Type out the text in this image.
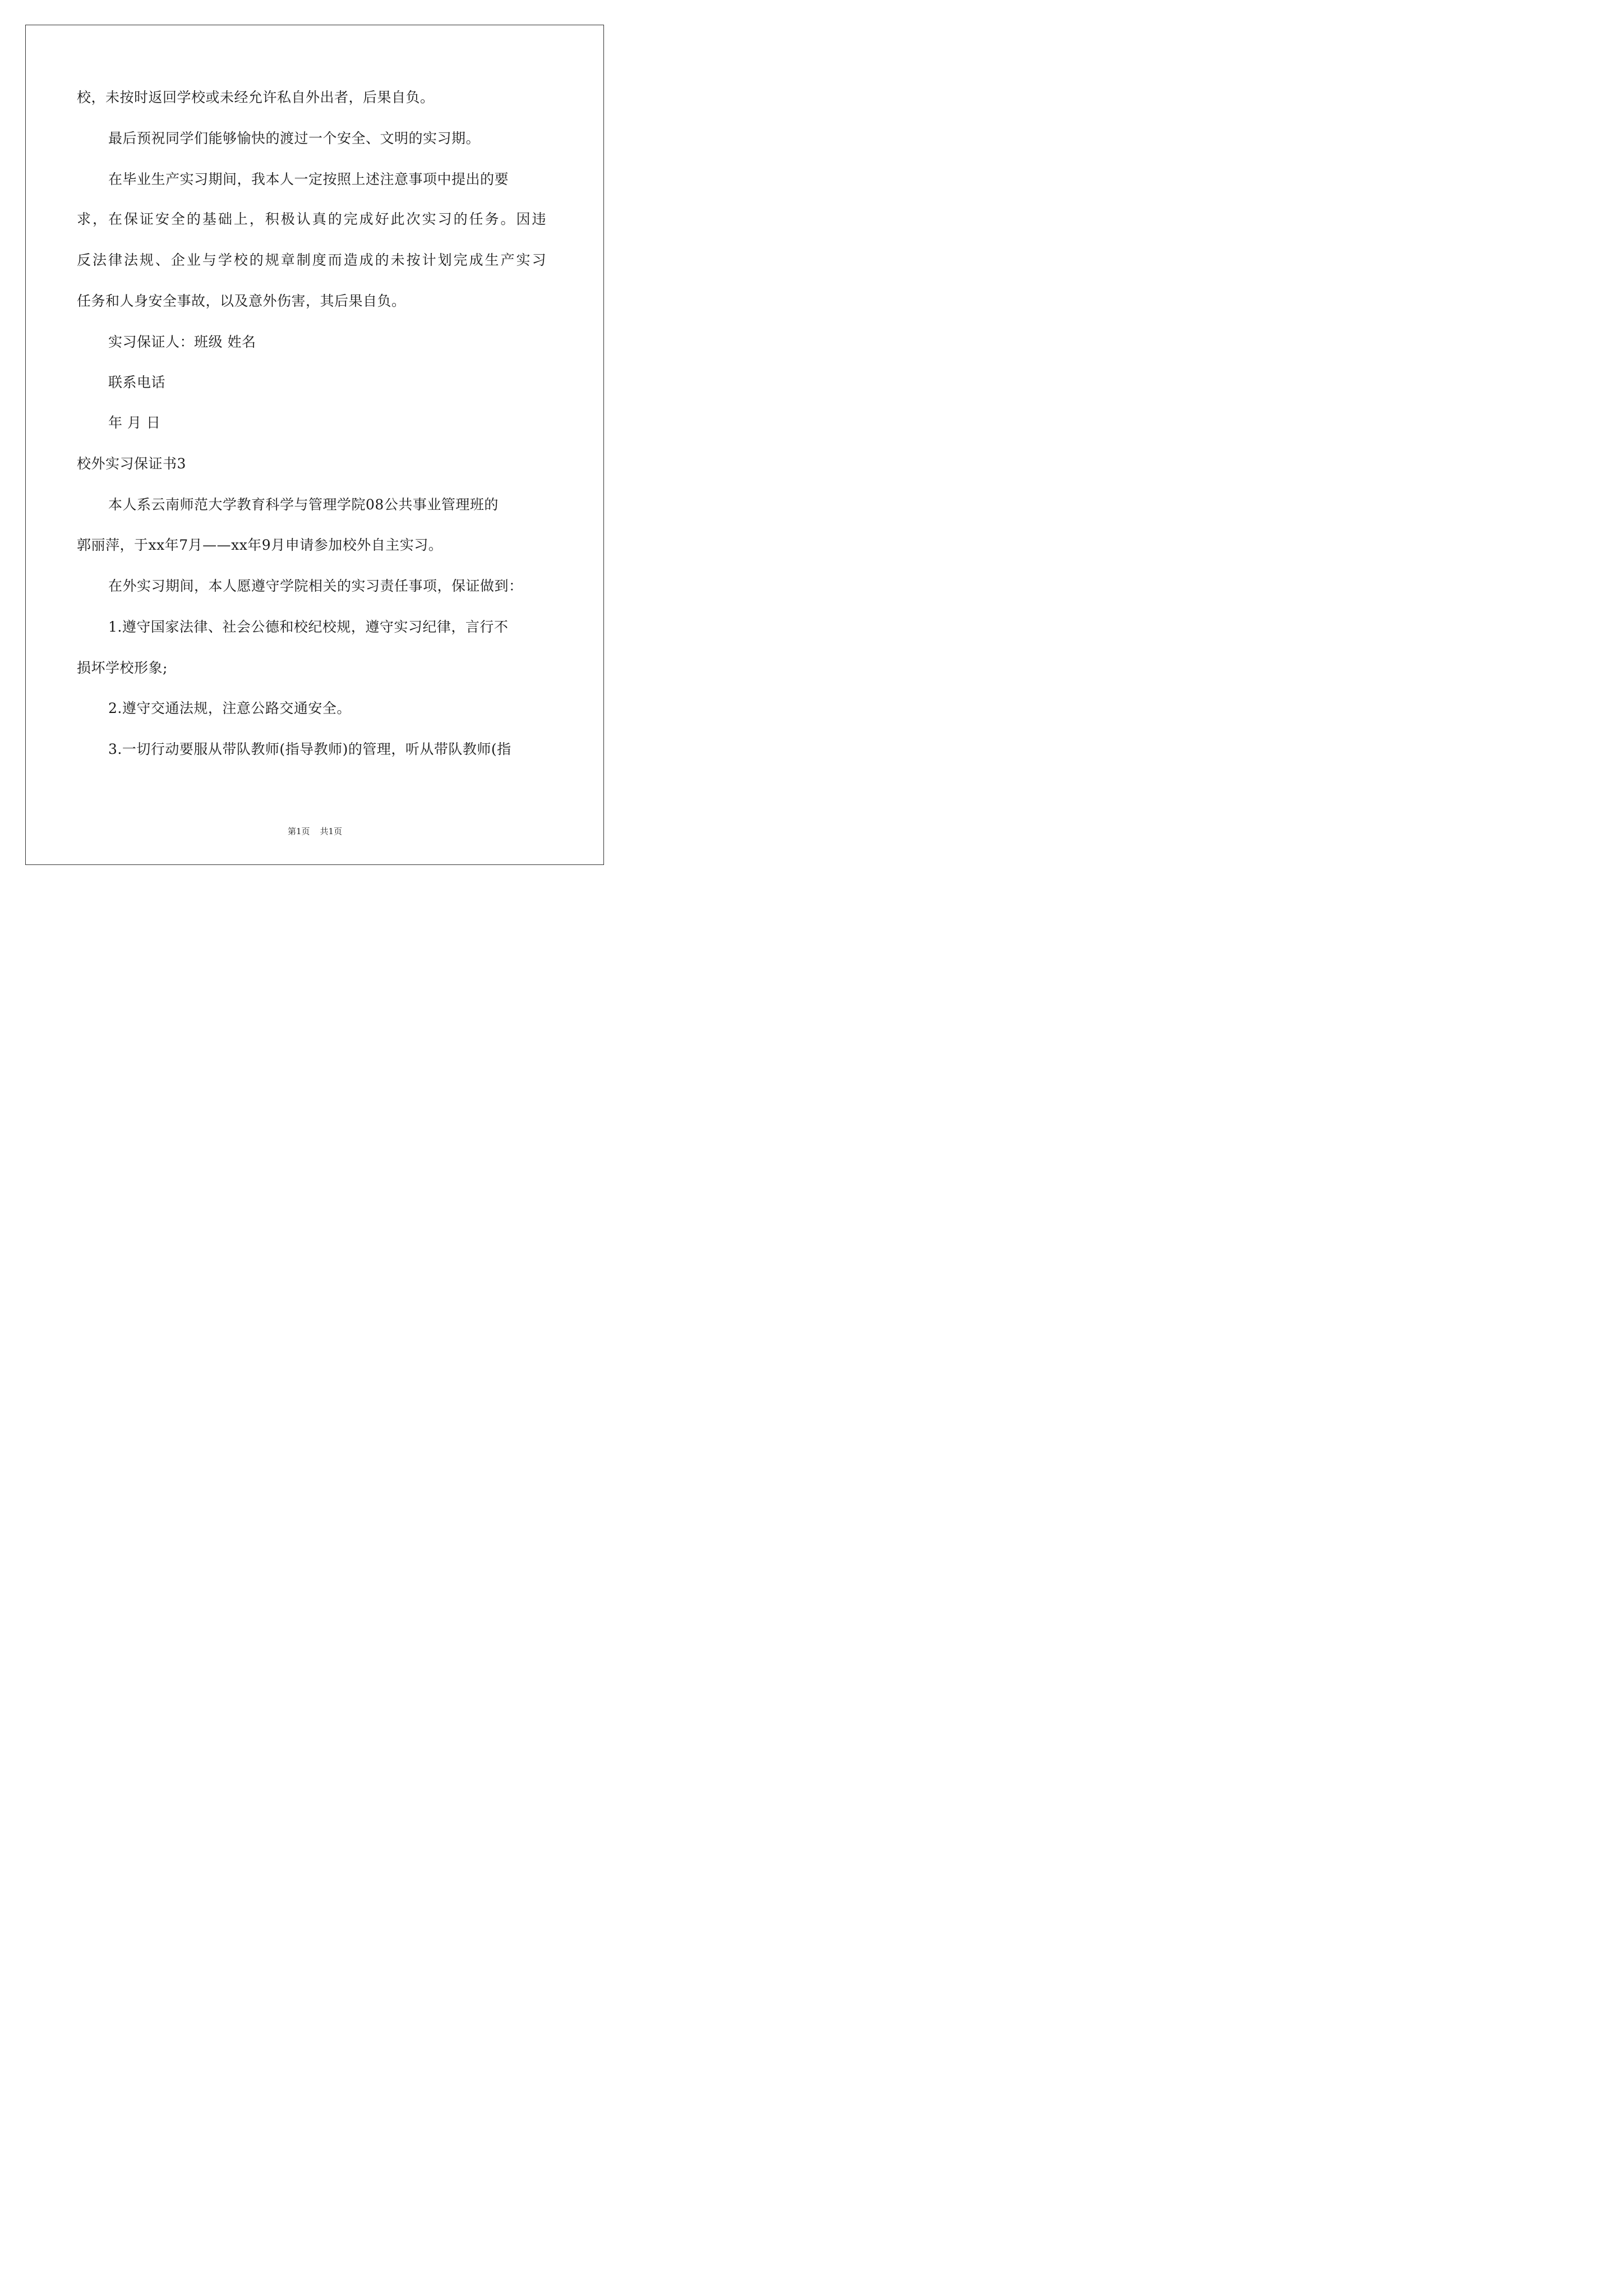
校，未按时返回学校或未经允许私自外出者，后果自负。
最后预祝同学们能够愉快的渡过一个安全、文明的实习期。
在毕业生产实习期间，我本人一定按照上述注意事项中提出的要
求，在保证安全的基础上，积极认真的完成好此次实习的任务。因违
反法律法规、企业与学校的规章制度而造成的未按计划完成生产实习
任务和人身安全事故，以及意外伤害，其后果自负。
实习保证人：班级 姓名
联系电话
年 月 日
校外实习保证书3
本人系云南师范大学教育科学与管理学院08公共事业管理班的
郭丽萍，于xx年7月——xx年9月申请参加校外自主实习。
在外实习期间，本人愿遵守学院相关的实习责任事项，保证做到：
1.遵守国家法律、社会公德和校纪校规，遵守实习纪律，言行不
损坏学校形象;
2.遵守交通法规，注意公路交通安全。
3.一切行动要服从带队教师(指导教师)的管理，听从带队教师(指
第1页 共1页
